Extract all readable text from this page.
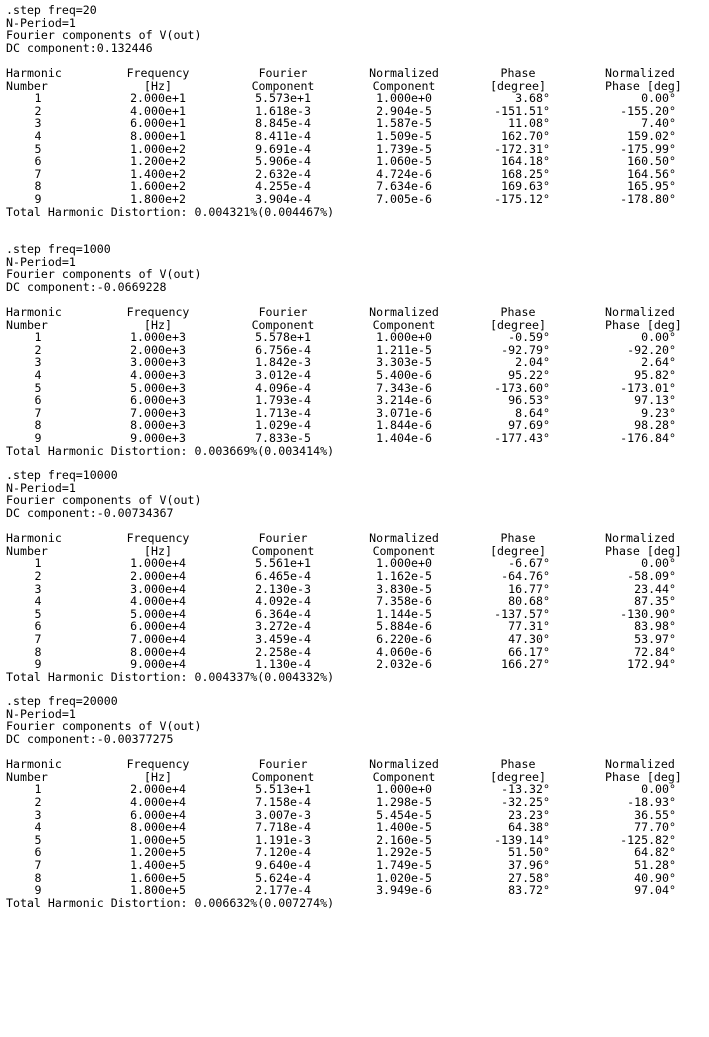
.step freq=20
N-Period=1
Fourier components of V(out)
DC component:0.132446
Harmonic	Frequency	Fourier	Normalized	Phase	Normalized
Number	[Hz]	Component	Component	[degree]	Phase [deg]
1	2.000e+1	5.573e+1	1.000e+0	3.68°	0.00°
2	4.000e+1	1.618e-3	2.904e-5	-151.51°	-155.20°
3	6.000e+1	8.845e-4	1.587e-5	11.08°	7.40°
4	8.000e+1	8.411e-4	1.509e-5	162.70°	159.02°
5	1.000e+2	9.691e-4	1.739e-5	-172.31°	-175.99°
6	1.200e+2	5.906e-4	1.060e-5	164.18°	160.50°
7	1.400e+2	2.632e-4	4.724e-6	168.25°	164.56°
8	1.600e+2	4.255e-4	7.634e-6	169.63°	165.95°
9	1.800e+2	3.904e-4	7.005e-6	-175.12°	-178.80°
Total Harmonic Distortion: 0.004321%(0.004467%)
.step freq=1000
N-Period=1
Fourier components of V(out)
DC component:-0.0669228
Harmonic	Frequency	Fourier	Normalized	Phase	Normalized
Number	[Hz]	Component	Component	[degree]	Phase [deg]
1	1.000e+3	5.578e+1	1.000e+0	-0.59°	0.00°
2	2.000e+3	6.756e-4	1.211e-5	-92.79°	-92.20°
3	3.000e+3	1.842e-3	3.303e-5	2.04°	2.64°
4	4.000e+3	3.012e-4	5.400e-6	95.22°	95.82°
5	5.000e+3	4.096e-4	7.343e-6	-173.60°	-173.01°
6	6.000e+3	1.793e-4	3.214e-6	96.53°	97.13°
7	7.000e+3	1.713e-4	3.071e-6	8.64°	9.23°
8	8.000e+3	1.029e-4	1.844e-6	97.69°	98.28°
9	9.000e+3	7.833e-5	1.404e-6	-177.43°	-176.84°
Total Harmonic Distortion: 0.003669%(0.003414%)
.step freq=10000
N-Period=1
Fourier components of V(out)
DC component:-0.00734367
Harmonic	Frequency	Fourier	Normalized	Phase	Normalized
Number	[Hz]	Component	Component	[degree]	Phase [deg]
1	1.000e+4	5.561e+1	1.000e+0	-6.67°	0.00°
2	2.000e+4	6.465e-4	1.162e-5	-64.76°	-58.09°
3	3.000e+4	2.130e-3	3.830e-5	16.77°	23.44°
4	4.000e+4	4.092e-4	7.358e-6	80.68°	87.35°
5	5.000e+4	6.364e-4	1.144e-5	-137.57°	-130.90°
6	6.000e+4	3.272e-4	5.884e-6	77.31°	83.98°
7	7.000e+4	3.459e-4	6.220e-6	47.30°	53.97°
8	8.000e+4	2.258e-4	4.060e-6	66.17°	72.84°
9	9.000e+4	1.130e-4	2.032e-6	166.27°	172.94°
Total Harmonic Distortion: 0.004337%(0.004332%)
.step freq=20000
N-Period=1
Fourier components of V(out)
DC component:-0.00377275
Harmonic	Frequency	Fourier	Normalized	Phase	Normalized
Number	[Hz]	Component	Component	[degree]	Phase [deg]
1	2.000e+4	5.513e+1	1.000e+0	-13.32°	0.00°
2	4.000e+4	7.158e-4	1.298e-5	-32.25°	-18.93°
3	6.000e+4	3.007e-3	5.454e-5	23.23°	36.55°
4	8.000e+4	7.718e-4	1.400e-5	64.38°	77.70°
5	1.000e+5	1.191e-3	2.160e-5	-139.14°	-125.82°
6	1.200e+5	7.120e-4	1.292e-5	51.50°	64.82°
7	1.400e+5	9.640e-4	1.749e-5	37.96°	51.28°
8	1.600e+5	5.624e-4	1.020e-5	27.58°	40.90°
9	1.800e+5	2.177e-4	3.949e-6	83.72°	97.04°
Total Harmonic Distortion: 0.006632%(0.007274%)
